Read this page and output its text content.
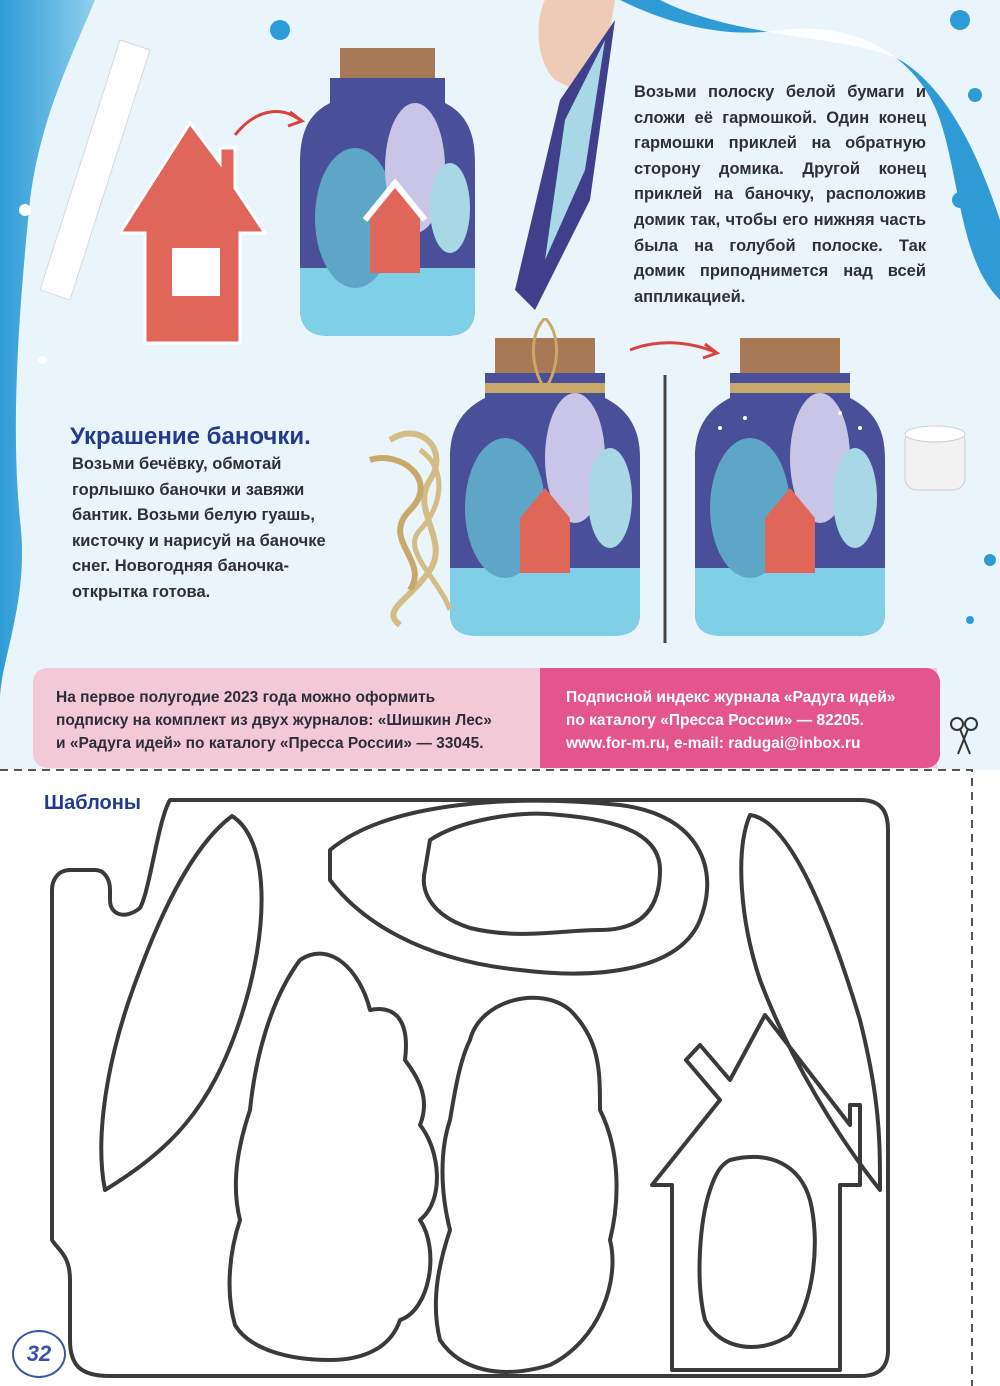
Возьми полоску белой бумаги и сложи её гармошкой. Один конец гармошки приклей на обратную сторону домика. Другой конец приклей на баночку, расположив домик так, чтобы его нижняя часть была на голубой полоске. Так домик приподнимется над всей аппликацией.
Украшение баночки.
Возьми бечёвку, обмотай горлышко баночки и завяжи бантик. Возьми белую гуашь, кисточку и нарисуй на баночке снег. Новогодняя баночка-открытка готова.
На первое полугодие 2023 года можно оформить
подписку на комплект из двух журналов: «Шишкин Лес»
и «Радуга идей» по каталогу «Пресса России» — 33045.
Подписной индекс журнала «Радуга идей»
по каталогу «Пресса России» — 82205.
www.for-m.ru, e-mail: radugai@inbox.ru
Шаблоны
32
